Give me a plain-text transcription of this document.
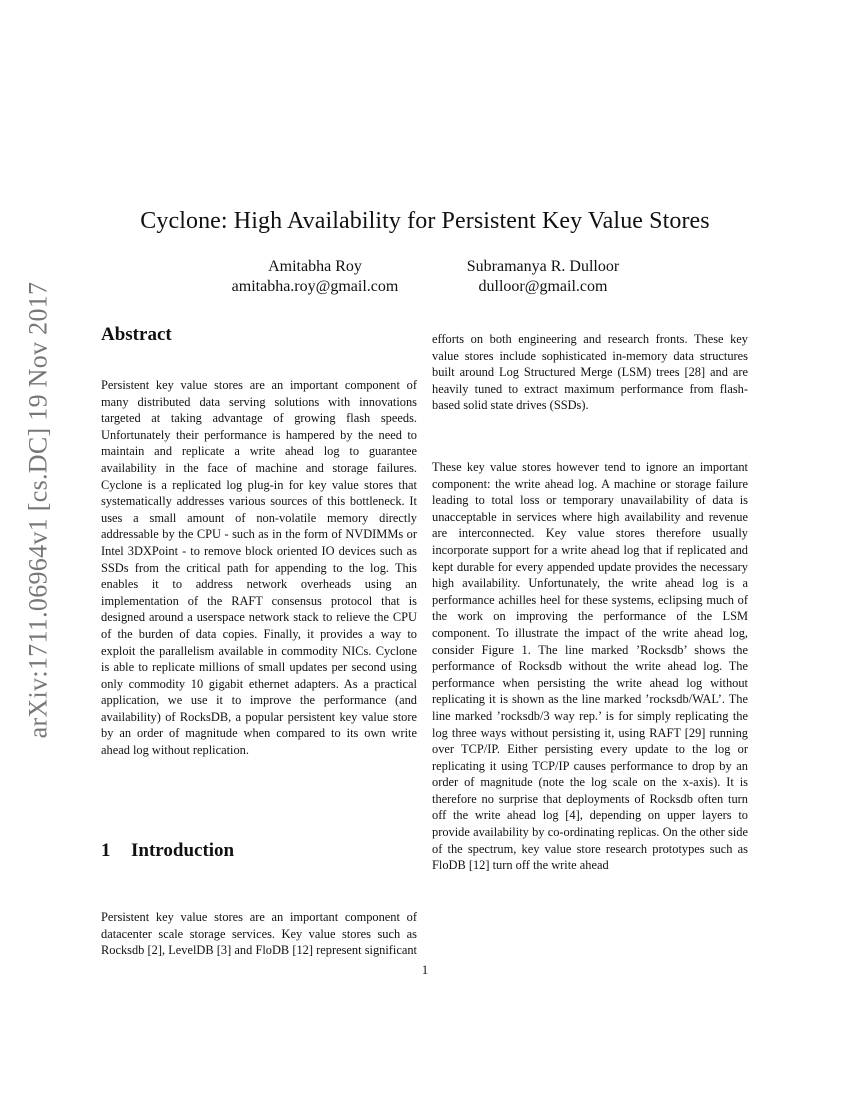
arXiv:1711.06964v1 [cs.DC] 19 Nov 2017
Cyclone: High Availability for Persistent Key Value Stores
Amitabha Roy
amitabha.roy@gmail.com
Subramanya R. Dulloor
dulloor@gmail.com
Abstract

Persistent key value stores are an important component of many distributed data serving solutions with innovations targeted at taking advantage of growing flash speeds. Unfortunately their performance is hampered by the need to maintain and replicate a write ahead log to guarantee availability in the face of machine and storage failures. Cyclone is a replicated log plug-in for key value stores that systematically addresses various sources of this bottleneck. It uses a small amount of non-volatile memory directly addressable by the CPU - such as in the form of NVDIMMs or Intel 3DXPoint - to remove block oriented IO devices such as SSDs from the critical path for appending to the log. This enables it to address network overheads using an implementation of the RAFT consensus protocol that is designed around a userspace network stack to relieve the CPU of the burden of data copies. Finally, it provides a way to exploit the parallelism available in commodity NICs. Cyclone is able to replicate millions of small updates per second using only commodity 10 gigabit ethernet adapters. As a practical application, we use it to improve the performance (and availability) of RocksDB, a popular persistent key value store by an order of magnitude when compared to its own write ahead log without replication.

1 Introduction

Persistent key value stores are an important component of datacenter scale storage services. Key value stores such as Rocksdb [2], LevelDB [3] and FloDB [12] represent significant

efforts on both engineering and research fronts. These key value stores include sophisticated in-memory data structures built around Log Structured Merge (LSM) trees [28] and are heavily tuned to extract maximum performance from flash-based solid state drives (SSDs).

These key value stores however tend to ignore an important component: the write ahead log. A machine or storage failure leading to total loss or temporary unavailability of data is unacceptable in services where high availability and revenue are interconnected. Key value stores therefore usually incorporate support for a write ahead log that if replicated and kept durable for every appended update provides the necessary high availability. Unfortunately, the write ahead log is a performance achilles heel for these systems, eclipsing much of the work on improving the performance of the LSM component. To illustrate the impact of the write ahead log, consider Figure 1. The line marked ’Rocksdb’ shows the performance of Rocksdb without the write ahead log. The performance when persisting the write ahead log without replicating it is shown as the line marked ’rocksdb/WAL’. The line marked ’rocksdb/3 way rep.’ is for simply replicating the log three ways without persisting it, using RAFT [29] running over TCP/IP. Either persisting every update to the log or replicating it using TCP/IP causes performance to drop by an order of magnitude (note the log scale on the x-axis). It is therefore no surprise that deployments of Rocksdb often turn off the write ahead log [4], depending on upper layers to provide availability by co-ordinating replicas. On the other side of the spectrum, key value store research prototypes such as FloDB [12] turn off the write ahead

1
